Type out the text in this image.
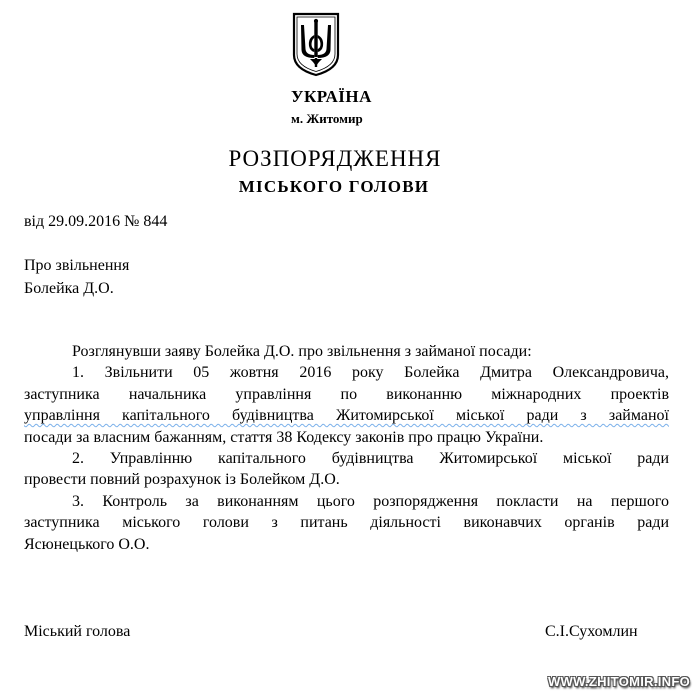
УКРАЇНА
м. Житомир
РОЗПОРЯДЖЕННЯ
МІСЬКОГО ГОЛОВИ
від 29.09.2016 № 844
Про звільнення
Болейка Д.О.
Розглянувши заяву Болейка Д.О. про звільнення з займаної посади:
1. Звільнити 05 жовтня 2016 року Болейка Дмитра Олександровича,
заступника начальника управління по виконанню міжнародних проектів
управління капітального будівництва Житомирської міської ради з займаної
посади за власним бажанням, стаття 38 Кодексу законів про працю України.
2. Управлінню капітального будівництва Житомирської міської ради
провести повний розрахунок із Болейком Д.О.
3. Контроль за виконанням цього розпорядження покласти на першого
заступника міського голови з питань діяльності виконавчих органів ради
Ясюнецького О.О.
Міський голова	С.І.Сухомлин
WWW.ZHITOMIR.INFO
